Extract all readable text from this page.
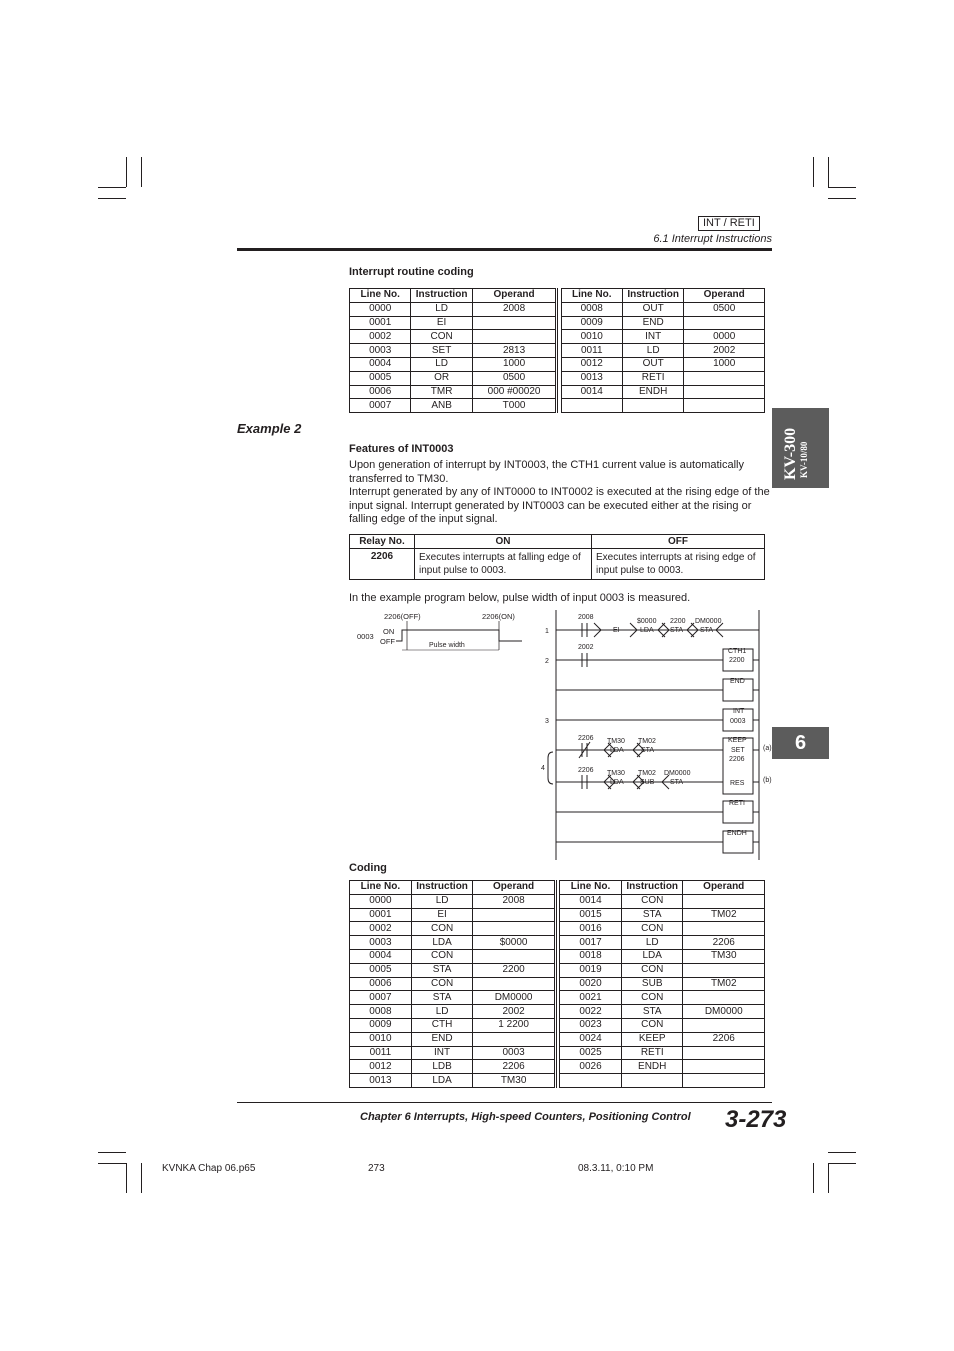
INT / RETI
6.1 Interrupt Instructions
KV-300 KV-10/80
6
Interrupt routine coding
Line No.	Instruction	Operand		Line No.	Instruction	Operand
0000	LD	2008		0008	OUT	0500
0001	EI			0009	END	
0002	CON			0010	INT	0000
0003	SET	2813		0011	LD	2002
0004	LD	1000		0012	OUT	1000
0005	OR	0500		0013	RETI	
0006	TMR	000 #00020		0014	ENDH	
0007	ANB	T000				
Example 2
Features of INT0003
Upon generation of interrupt by INT0003, the CTH1 current value is automatically transferred to TM30.
Interrupt generated by any of INT0000 to INT0002 is executed at the rising edge of the input signal. Interrupt generated by INT0003 can be executed either at the rising or falling edge of the input signal.
Relay No.	ON	OFF
2206	Executes interrupts at falling edge of input pulse to 0003.	Executes interrupts at rising edge of input pulse to 0003.
In the example program below, pulse width of input 0003 is measured.
2206(OFF)	2206(ON)
0003
ON
OFF	Pulse width
1
2
3
4
2008
EI
$0000
LDA
2200
STA
DM0000
STA
2002
CTH1
2200
END
INT
0003
2206 TM30
LDA
TM02
STA
KEEP
SET
2206
(a)
2206 TM30
LDA
TM02
SUB
DM0000
STA	RES	(b)
RETI
ENDH
Coding
Line No.	Instruction	Operand		Line No.	Instruction	Operand
0000	LD	2008		0014	CON	
0001	EI			0015	STA	TM02
0002	CON			0016	CON	
0003	LDA	$0000		0017	LD	2206
0004	CON			0018	LDA	TM30
0005	STA	2200		0019	CON	
0006	CON			0020	SUB	TM02
0007	STA	DM0000		0021	CON	
0008	LD	2002		0022	STA	DM0000
0009	CTH	1 2200		0023	CON	
0010	END			0024	KEEP	2206
0011	INT	0003		0025	RETI	
0012	LDB	2206		0026	ENDH	
0013	LDA	TM30				
Chapter 6 Interrupts, High-speed Counters, Positioning Control 3-273
KVNKA Chap 06.p65	273	08.3.11, 0:10 PM
